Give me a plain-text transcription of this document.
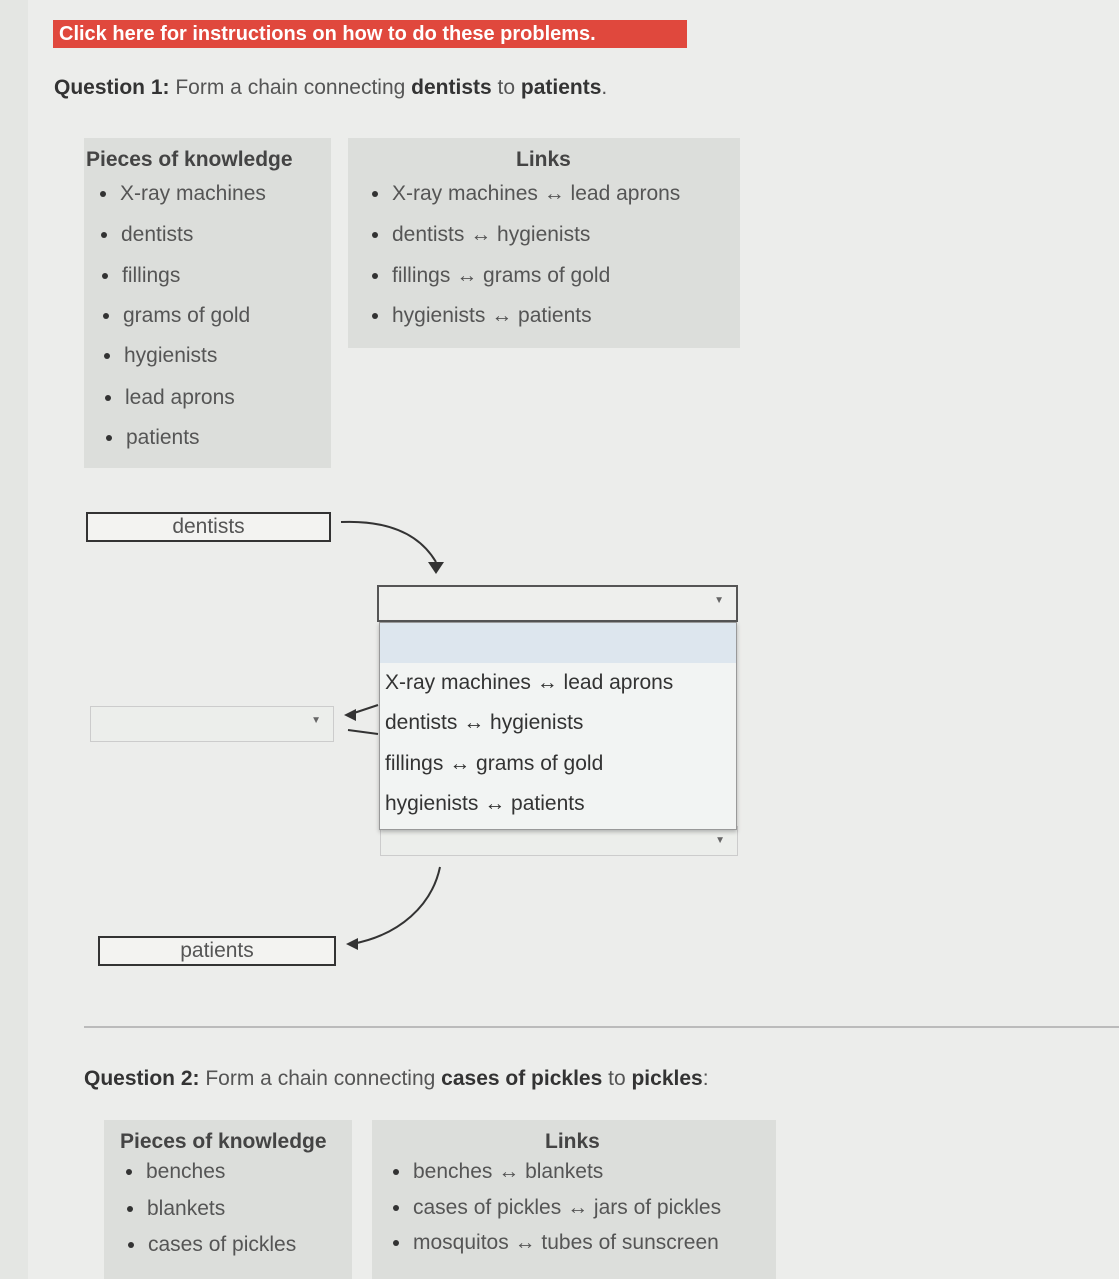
Click here for instructions on how to do these problems.
Question 1: Form a chain connecting dentists to patients.
Pieces of knowledge
X-ray machines
dentists
fillings
grams of gold
hygienists
lead aprons
patients
Links
X-ray machines ↔ lead aprons
dentists ↔ hygienists
fillings ↔ grams of gold
hygienists ↔ patients
dentists
▼
▼
▼
X-ray machines ↔ lead aprons
dentists ↔ hygienists
fillings ↔ grams of gold
hygienists ↔ patients
patients
Question 2: Form a chain connecting cases of pickles to pickles:
Pieces of knowledge
benches
blankets
cases of pickles
Links
benches ↔ blankets
cases of pickles ↔ jars of pickles
mosquitos ↔ tubes of sunscreen
